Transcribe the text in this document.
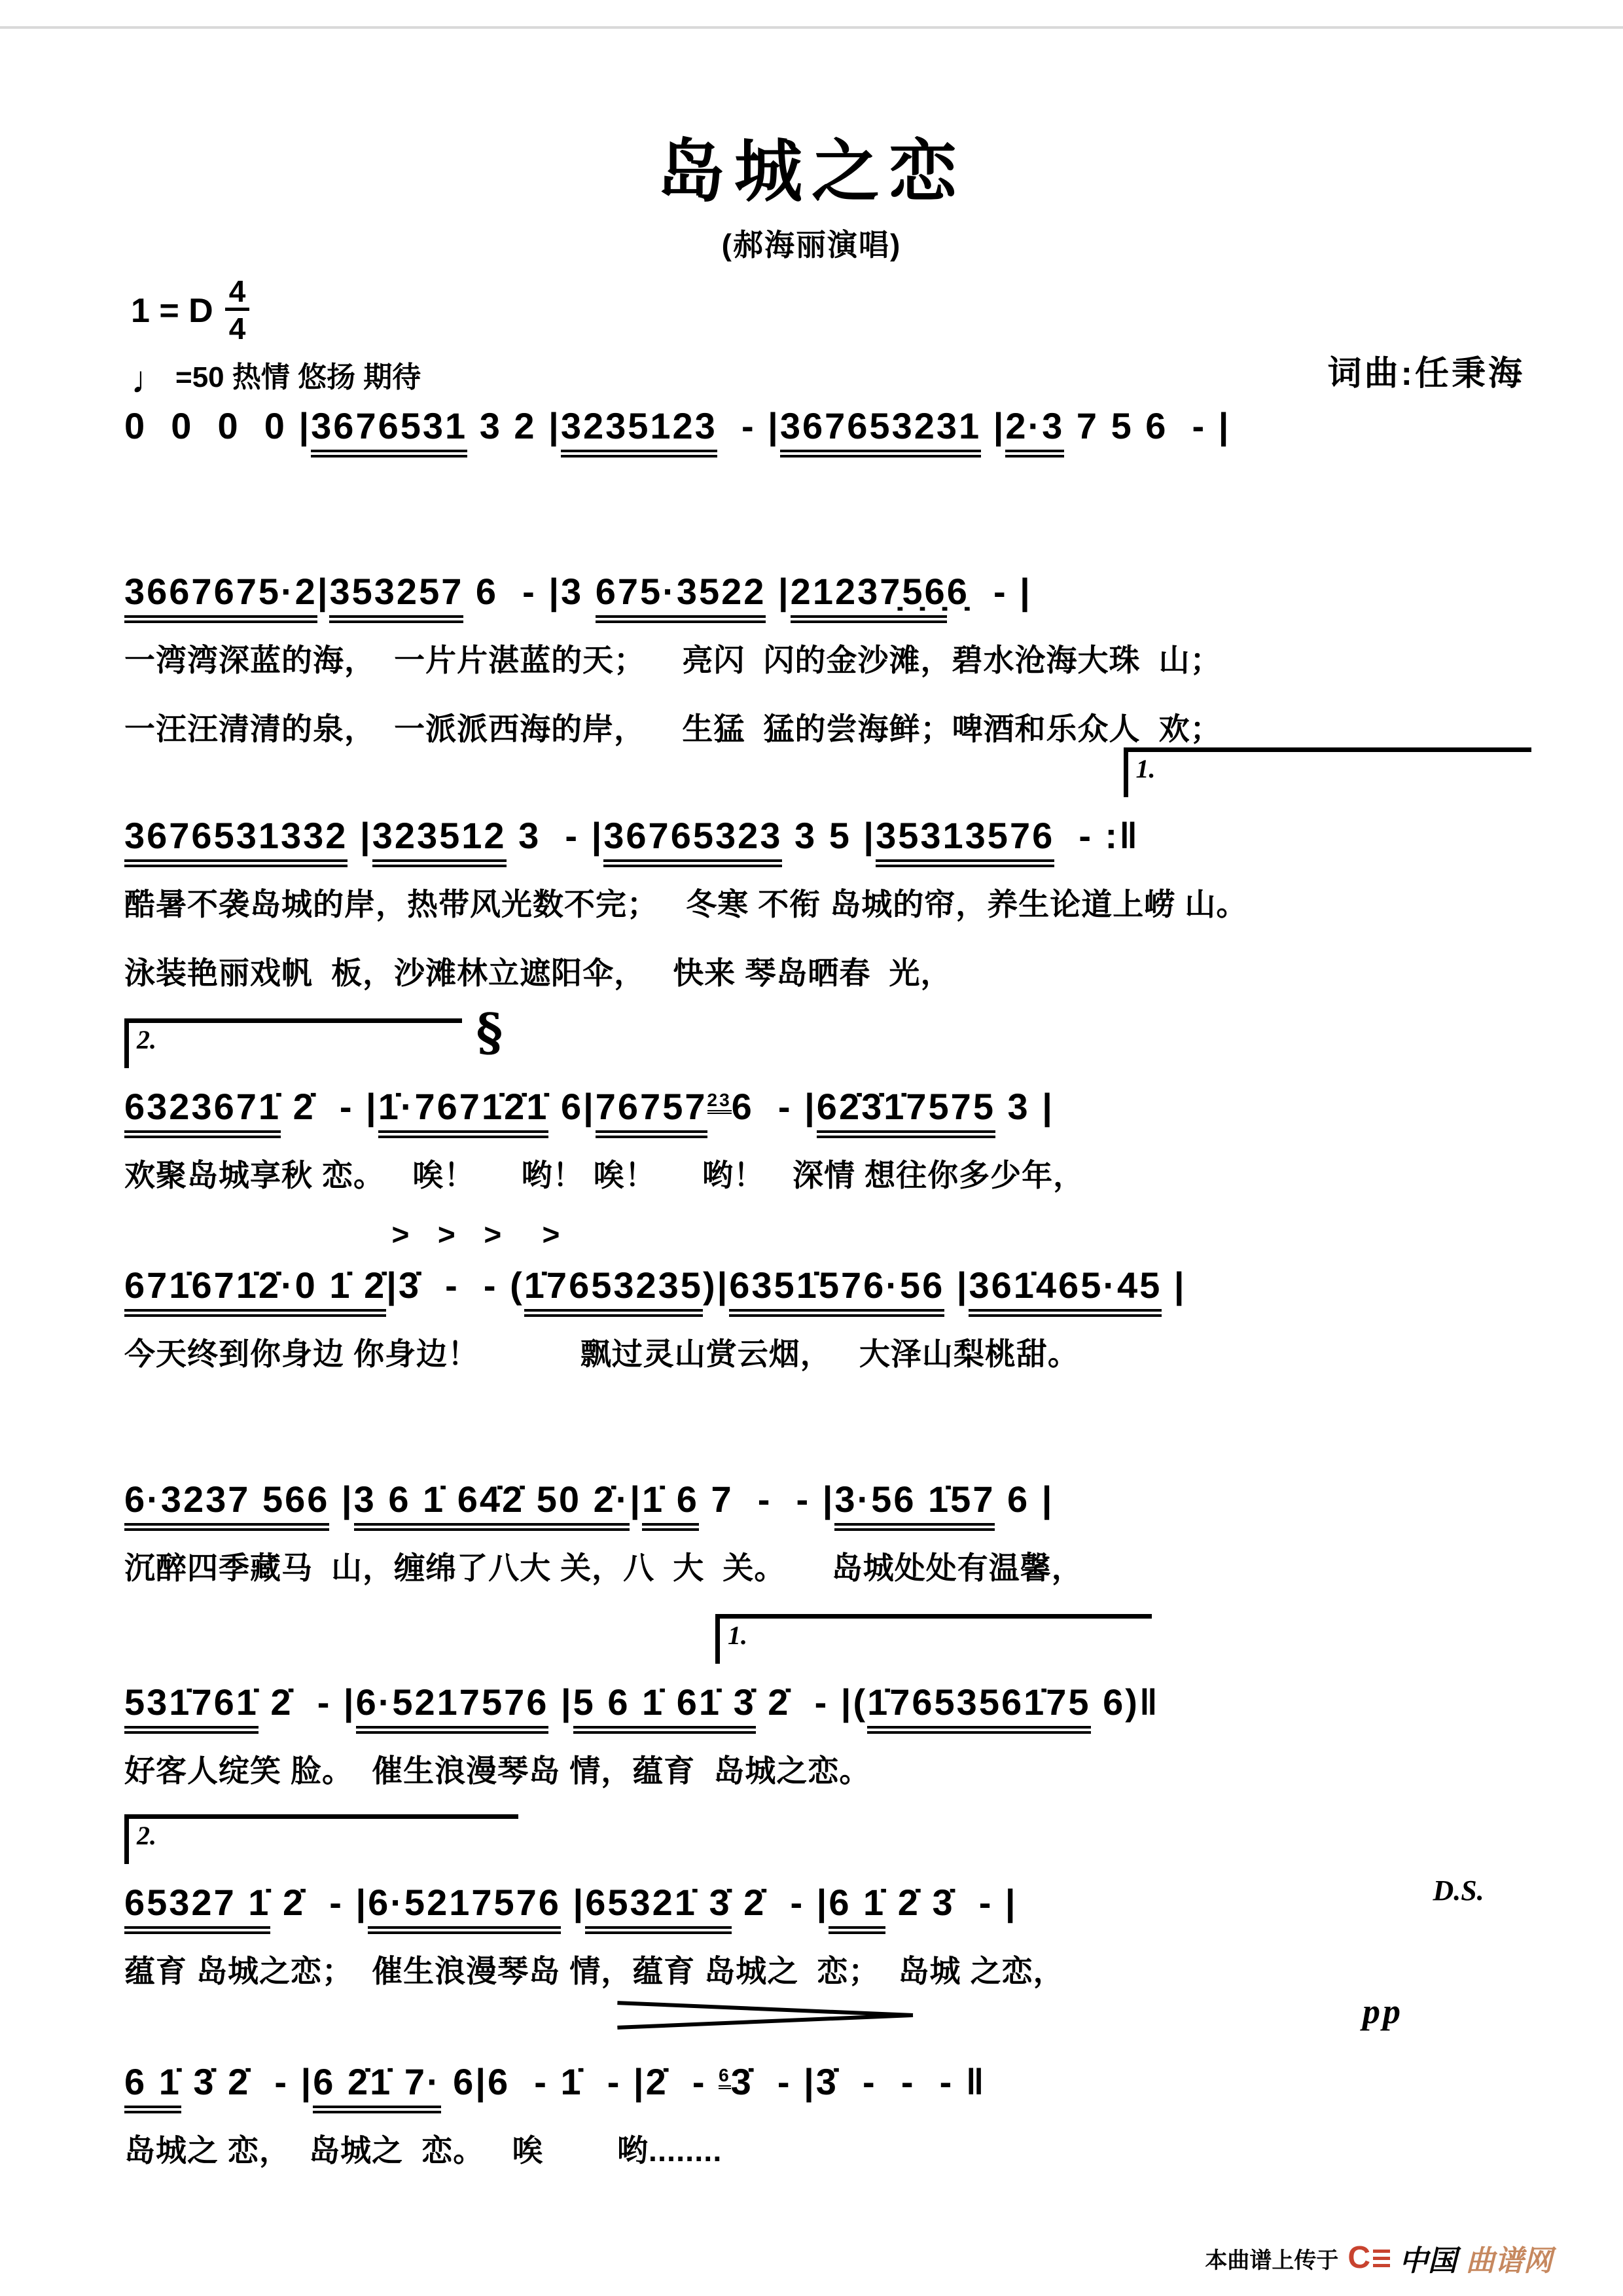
岛城之恋
(郝海丽演唱)
1 = D $\frac{4}{4}$
♩ =50 热情 悠扬 期待	词曲:任秉海
0  0  0  0 |3676531 3 2 |3235123  - |367653231 |2·3 7 5 6  - |
3667675·2|353257 6  - |3 675·3522 |21237̣5̣6̣6̣  - |
一湾湾深蓝的海，  一片片湛蓝的天；    亮闪  闪的金沙滩，碧水沧海大珠  山；
一汪汪清清的泉，  一派派西海的岸，    生猛  猛的尝海鲜；啤酒和乐众人  欢；
1.
3676531332 |323512 3  - |36765323 3 5 |35313576  - :‖
酷暑不袭岛城的岸，热带风光数不完；   冬寒 不衔 岛城的帘，养生论道上崂 山。
泳装艳丽戏帆  板，沙滩林立遮阳伞，   快来 琴岛晒春  光，
2.	§
6323671̇ 2̇  - |1̇·7671̇2̇1̇ 6|76757$^{23}$6  - |62̇3̇1̇7575 3 |
欢聚岛城享秋 恋。   唉！     哟！ 唉！     哟！   深情 想往你多少年，
>  >  >   >
671̇671̇2̇·0 1̇ 2̇|3̇  -  - (1̇7653235)|6351̇576·56 |361̇465·45 |
今天终到你身边 你身边！           飘过灵山赏云烟，   大泽山梨桃甜。
6·3237 566 |3 6 1̇ 64̇2̇ 50 2̇·|1̇ 6 7  -  - |3·56 1̇57 6 |
沉醉四季藏马  山，缠绵了八大 关，八  大  关。     岛城处处有温馨，
1.
D.S.
531̇761̇ 2̇  - |6·5217576 |5 6 1̇ 61̇ 3̇ 2̇  - |(1̇7653561̇75 6)‖
好客人绽笑 脸。  催生浪漫琴岛 情，蕴育  岛城之恋。
2.
65327 1̇ 2̇  - |6·5217576 |65321̇ 3̇ 2̇  - |6 1̇ 2̇ 3̇  - |
蕴育 岛城之恋；  催生浪漫琴岛 情，蕴育 岛城之  恋；  岛城 之恋，
pp
6 1̇ 3̇ 2̇  - |6 2̇1̇ 7· 6|6  - 1̇  - |2̇  - $^6$3̇  - |3̇  -  -  - ‖
岛城之 恋，  岛城之  恋。   唉        哟........
本曲谱上传于 C 中国 曲谱网
